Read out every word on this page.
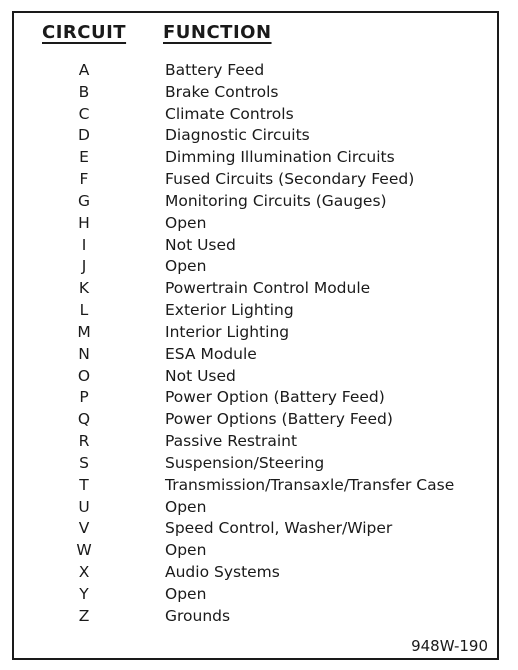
CIRCUIT FUNCTION
A	Battery Feed
B	Brake Controls
C	Climate Controls
D	Diagnostic Circuits
E	Dimming Illumination Circuits
F	Fused Circuits (Secondary Feed)
G	Monitoring Circuits (Gauges)
H	Open
I	Not Used
J	Open
K	Powertrain Control Module
L	Exterior Lighting
M	Interior Lighting
N	ESA Module
O	Not Used
P	Power Option (Battery Feed)
Q	Power Options (Battery Feed)
R	Passive Restraint
S	Suspension/Steering
T	Transmission/Transaxle/Transfer Case
U	Open
V	Speed Control, Washer/Wiper
W	Open
X	Audio Systems
Y	Open
Z	Grounds
948W-190
